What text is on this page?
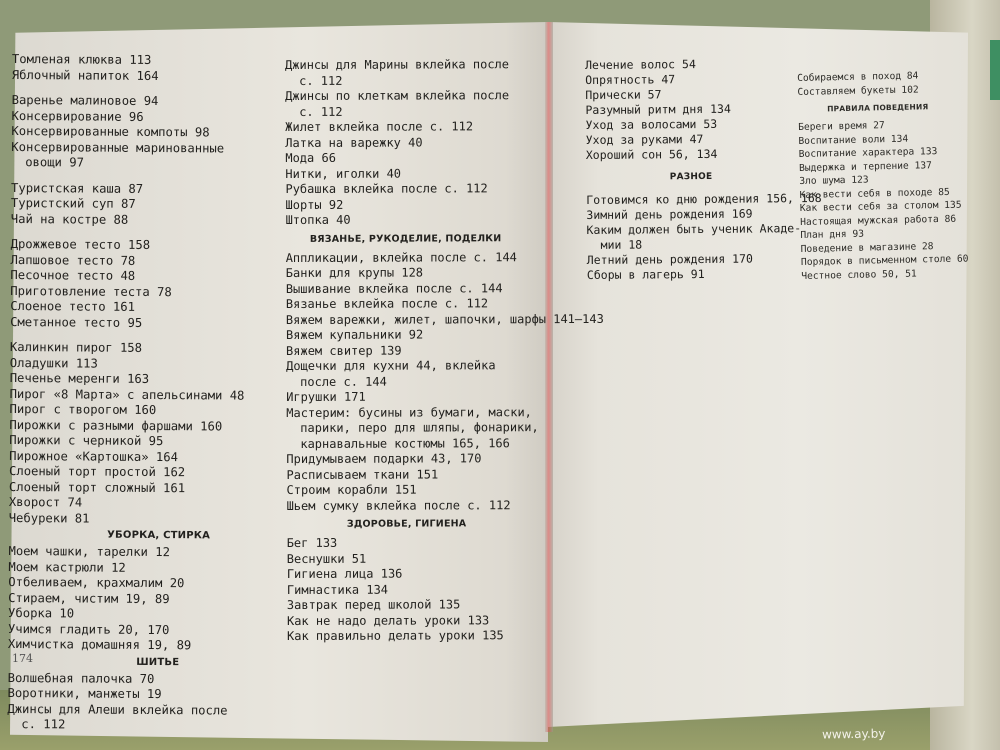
Томленая клюква 113
Яблочный напиток 164
Варенье малиновое 94
Консервирование 96
Консервированные компоты 98
Консервированные маринованные
овощи 97
Туристская каша 87
Туристский суп 87
Чай на костре 88
Дрожжевое тесто 158
Лапшовое тесто 78
Песочное тесто 48
Приготовление теста 78
Слоеное тесто 161
Сметанное тесто 95
Калинкин пирог 158
Оладушки 113
Печенье меренги 163
Пирог «8 Марта» с апельсинами 48
Пирог с творогом 160
Пирожки с разными фаршами 160
Пирожки с черникой 95
Пирожное «Картошка» 164
Слоеный торт простой 162
Слоеный торт сложный 161
Хворост 74
Чебуреки 81
УБОРКА, СТИРКА
Моем чашки, тарелки 12
Моем кастрюли 12
Отбеливаем, крахмалим 20
Стираем, чистим 19, 89
Уборка 10
Учимся гладить 20, 170
Химчистка домашняя 19, 89
ШИТЬЕ
Волшебная палочка 70
Воротники, манжеты 19
Джинсы для Алеши вклейка после
с. 112
Джинсы для Марины вклейка после
с. 112
Джинсы по клеткам вклейка после
с. 112
Жилет вклейка после с. 112
Латка на варежку 40
Мода 66
Нитки, иголки 40
Рубашка вклейка после с. 112
Шорты 92
Штопка 40
ВЯЗАНЬЕ, РУКОДЕЛИЕ, ПОДЕЛКИ
Аппликации, вклейка после с. 144
Банки для крупы 128
Вышивание вклейка после с. 144
Вязанье вклейка после с. 112
Вяжем варежки, жилет, шапочки, шарфы 141—143
Вяжем купальники 92
Вяжем свитер 139
Дощечки для кухни 44, вклейка
после с. 144
Игрушки 171
Мастерим: бусины из бумаги, маски,
парики, перо для шляпы, фонарики,
карнавальные костюмы 165, 166
Придумываем подарки 43, 170
Расписываем ткани 151
Строим корабли 151
Шьем сумку вклейка после с. 112
ЗДОРОВЬЕ, ГИГИЕНА
Бег 133
Веснушки 51
Гигиена лица 136
Гимнастика 134
Завтрак перед школой 135
Как не надо делать уроки 133
Как правильно делать уроки 135
Лечение волос 54
Опрятность 47
Прически 57
Разумный ритм дня 134
Уход за волосами 53
Уход за руками 47
Хороший сон 56, 134
РАЗНОЕ
Готовимся ко дню рождения 156, 168
Зимний день рождения 169
Каким должен быть ученик Акаде-
мии 18
Летний день рождения 170
Сборы в лагерь 91
Собираемся в поход 84
Составляем букеты 102
ПРАВИЛА ПОВЕДЕНИЯ
Береги время 27
Воспитание воли 134
Воспитание характера 133
Выдержка и терпение 137
Зло шума 123
Как вести себя в походе 85
Как вести себя за столом 135
Настоящая мужская работа 86
План дня 93
Поведение в магазине 28
Порядок в письменном столе 60
Честное слово 50, 51
174
www.ay.by
